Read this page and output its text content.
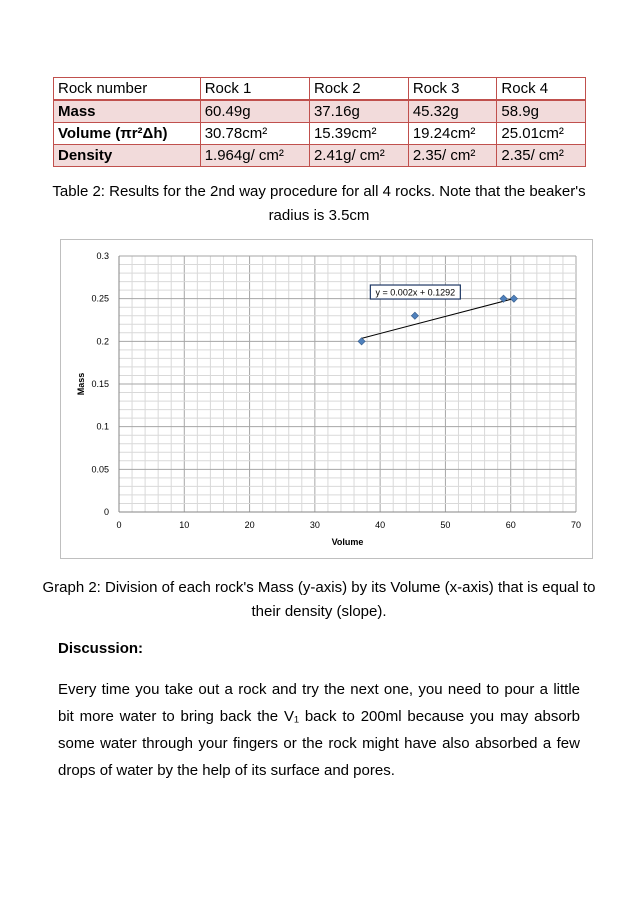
Rock number	Rock 1	Rock 2	Rock 3	Rock 4
Mass	60.49g	37.16g	45.32g	58.9g
Volume (πr²Δh)	30.78cm²	15.39cm²	19.24cm²	25.01cm²
Density	1.964g/ cm²	2.41g/ cm²	2.35/ cm²	2.35/ cm²
Table 2: Results for the 2nd way procedure for all 4 rocks. Note that the beaker's radius is 3.5cm
0	10	20	30	40	50	60	70
0
0.05
0.1
0.15
0.2
0.25
0.3
Volume
Mass
y = 0.002x + 0.1292
Graph 2: Division of each rock's Mass (y-axis) by its Volume (x-axis) that is equal to their density (slope).
Discussion:
Every time you take out a rock and try the next one, you need to pour a little bit more water to bring back the V₁ back to 200ml because you may absorb some water through your fingers or the rock might have also absorbed a few drops of water by the help of its surface and pores.
